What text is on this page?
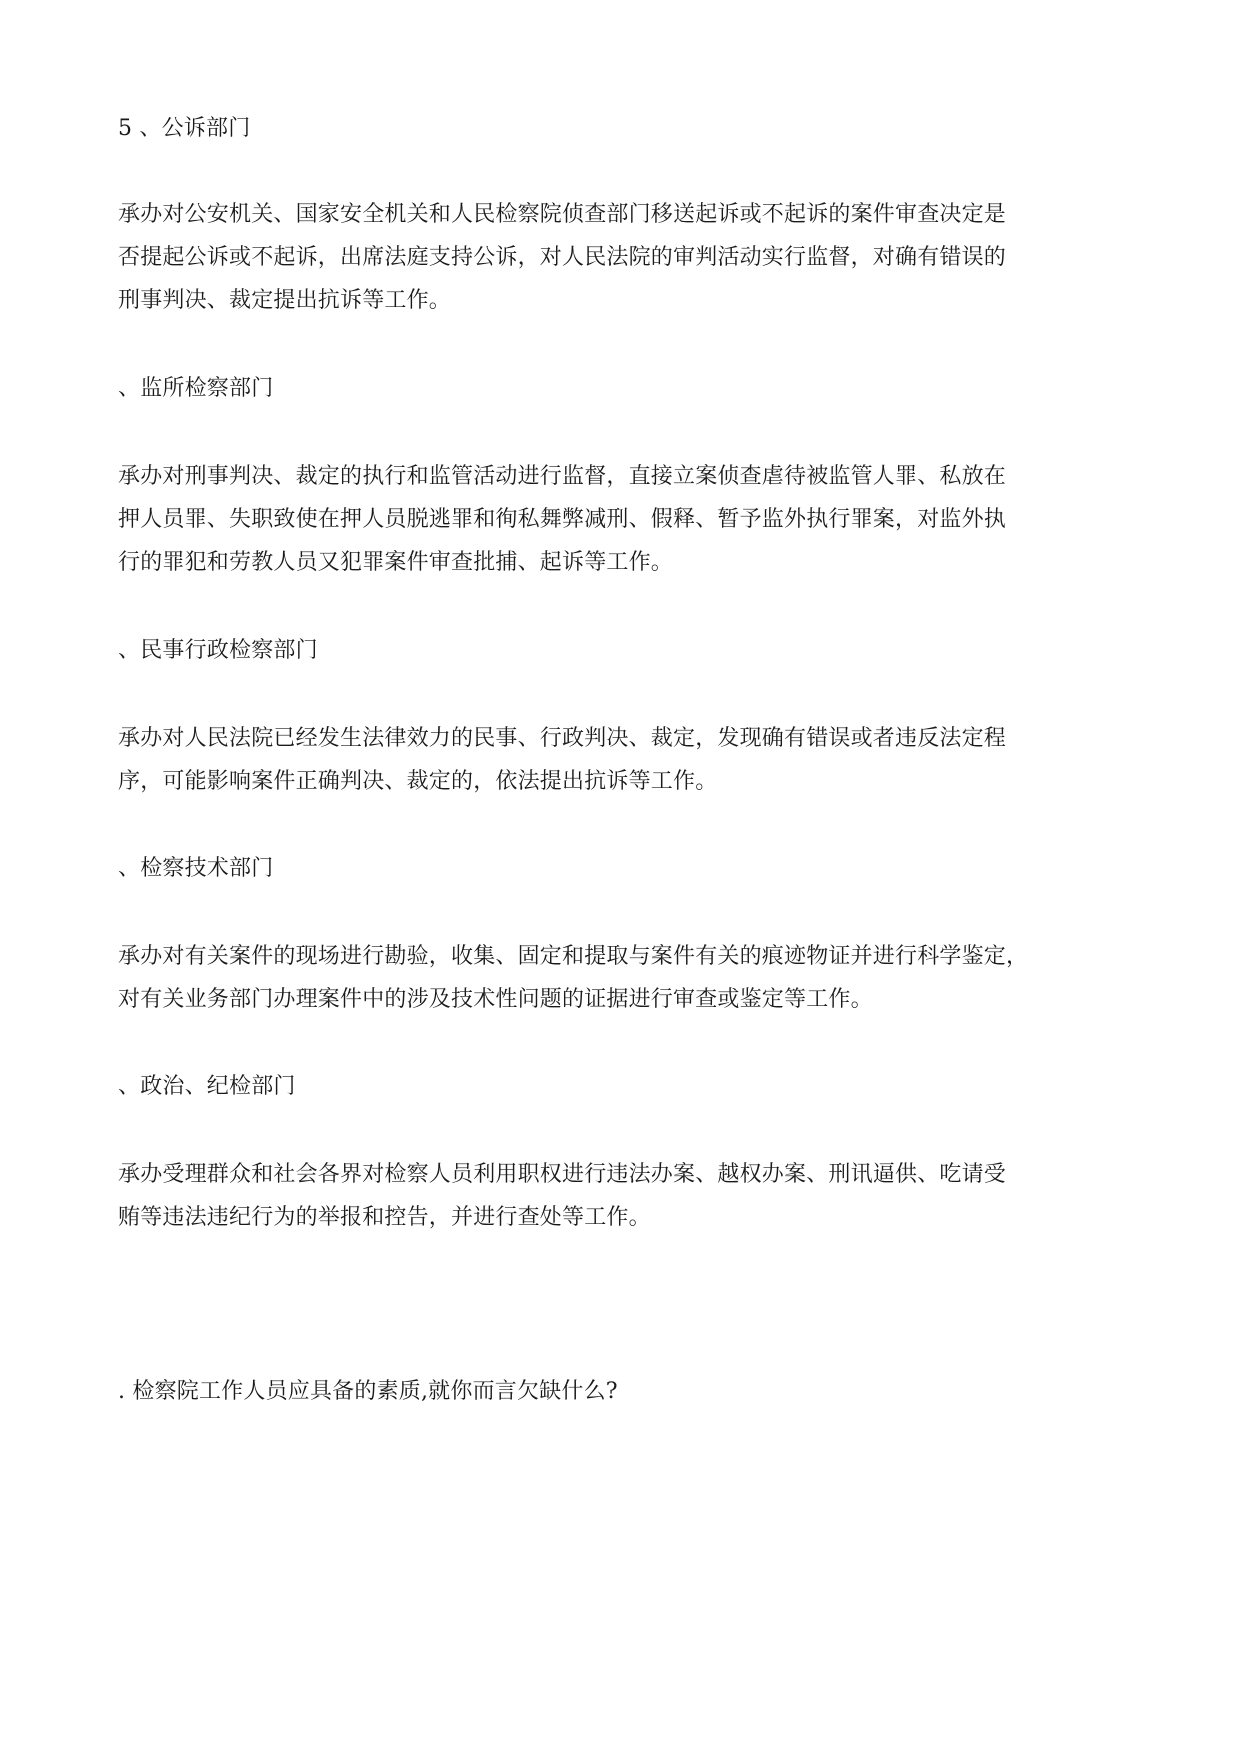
5 、公诉部门
承办对公安机关、国家安全机关和人民检察院侦查部门移送起诉或不起诉的案件审查决定是
否提起公诉或不起诉，出席法庭支持公诉，对人民法院的审判活动实行监督，对确有错误的
刑事判决、裁定提出抗诉等工作。
、监所检察部门
承办对刑事判决、裁定的执行和监管活动进行监督，直接立案侦查虐待被监管人罪、私放在
押人员罪、失职致使在押人员脱逃罪和徇私舞弊减刑、假释、暂予监外执行罪案，对监外执
行的罪犯和劳教人员又犯罪案件审查批捕、起诉等工作。
、民事行政检察部门
承办对人民法院已经发生法律效力的民事、行政判决、裁定，发现确有错误或者违反法定程
序，可能影响案件正确判决、裁定的，依法提出抗诉等工作。
、检察技术部门
承办对有关案件的现场进行勘验，收集、固定和提取与案件有关的痕迹物证并进行科学鉴定，
对有关业务部门办理案件中的涉及技术性问题的证据进行审查或鉴定等工作。
、政治、纪检部门
承办受理群众和社会各界对检察人员利用职权进行违法办案、越权办案、刑讯逼供、吃请受
贿等违法违纪行为的举报和控告，并进行查处等工作。
. 检察院工作人员应具备的素质,就你而言欠缺什么?
